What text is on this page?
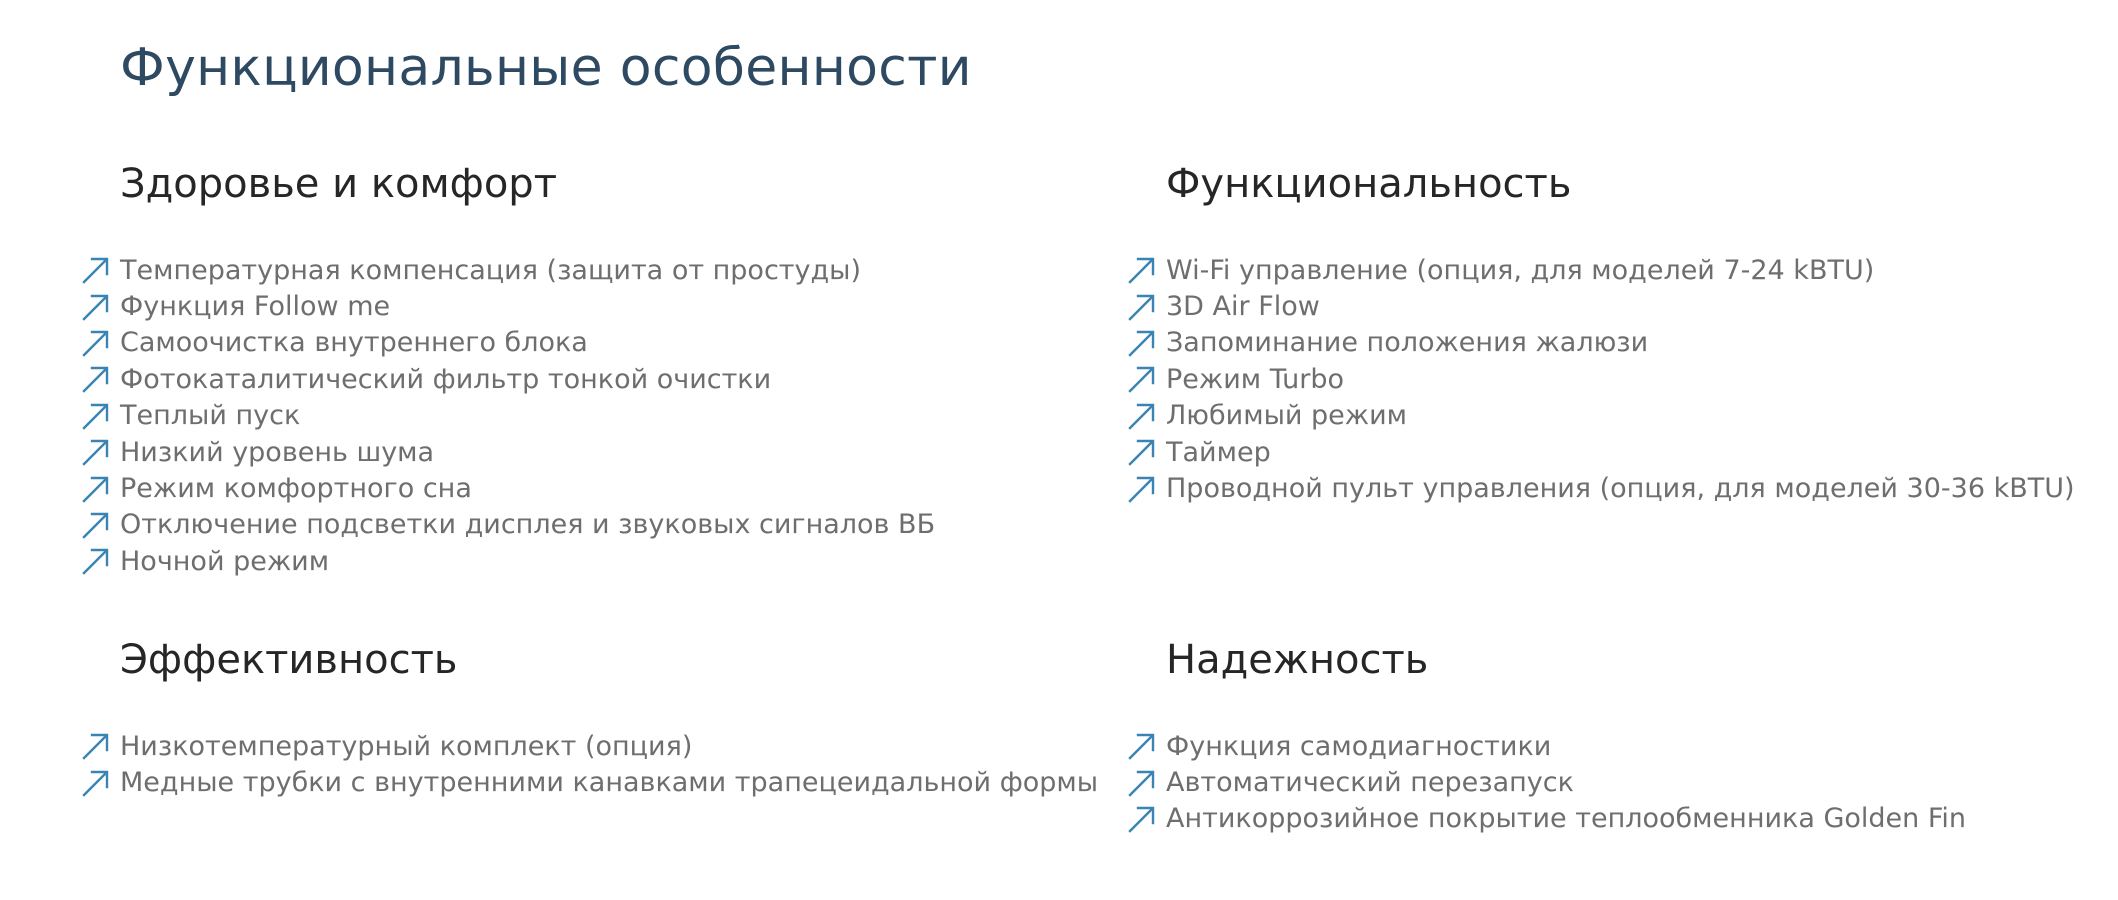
Функциональные особенности
Здоровье и комфорт
Температурная компенсация (защита от простуды)
Функция Follow me
Самоочистка внутреннего блока
Фотокаталитический фильтр тонкой очистки
Теплый пуск
Низкий уровень шума
Режим комфортного сна
Отключение подсветки дисплея и звуковых сигналов ВБ
Ночной режим
Функциональность
Wi-Fi управление (опция, для моделей 7-24 kBTU)
3D Air Flow
Запоминание положения жалюзи
Режим Turbo
Любимый режим
Таймер
Проводной пульт управления (опция, для моделей 30-36 kBTU)
Эффективность
Низкотемпературный комплект (опция)
Медные трубки с внутренними канавками трапецеидальной формы
Надежность
Функция самодиагностики
Автоматический перезапуск
Антикоррозийное покрытие теплообменника Golden Fin
